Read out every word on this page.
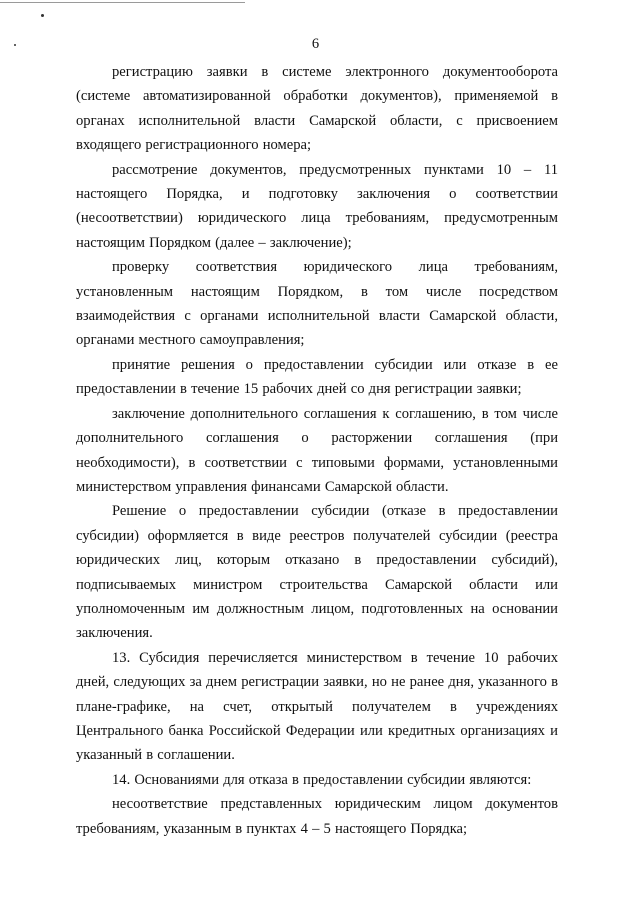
6

регистрацию заявки в системе электронного документооборота (системе автоматизированной обработки документов), применяемой в органах исполнительной власти Самарской области, с присвоением входящего регистрационного номера;

рассмотрение документов, предусмотренных пунктами 10 – 11 настоящего Порядка, и подготовку заключения о соответствии (несоответствии) юридического лица требованиям, предусмотренным настоящим Порядком (далее – заключение);

проверку соответствия юридического лица требованиям, установленным настоящим Порядком, в том числе посредством взаимодействия с органами исполнительной власти Самарской области, органами местного самоуправления;

принятие решения о предоставлении субсидии или отказе в ее предоставлении в течение 15 рабочих дней со дня регистрации заявки;

заключение дополнительного соглашения к соглашению, в том числе дополнительного соглашения о расторжении соглашения (при необходимости), в соответствии с типовыми формами, установленными министерством управления финансами Самарской области.

Решение о предоставлении субсидии (отказе в предоставлении субсидии) оформляется в виде реестров получателей субсидии (реестра юридических лиц, которым отказано в предоставлении субсидий), подписываемых министром строительства Самарской области или уполномоченным им должностным лицом, подготовленных на основании заключения.

13. Субсидия перечисляется министерством в течение 10 рабочих дней, следующих за днем регистрации заявки, но не ранее дня, указанного в плане-графике, на счет, открытый получателем в учреждениях Центрального банка Российской Федерации или кредитных организациях и указанный в соглашении.

14. Основаниями для отказа в предоставлении субсидии являются:

несоответствие представленных юридическим лицом документов требованиям, указанным в пунктах 4 – 5 настоящего Порядка;
